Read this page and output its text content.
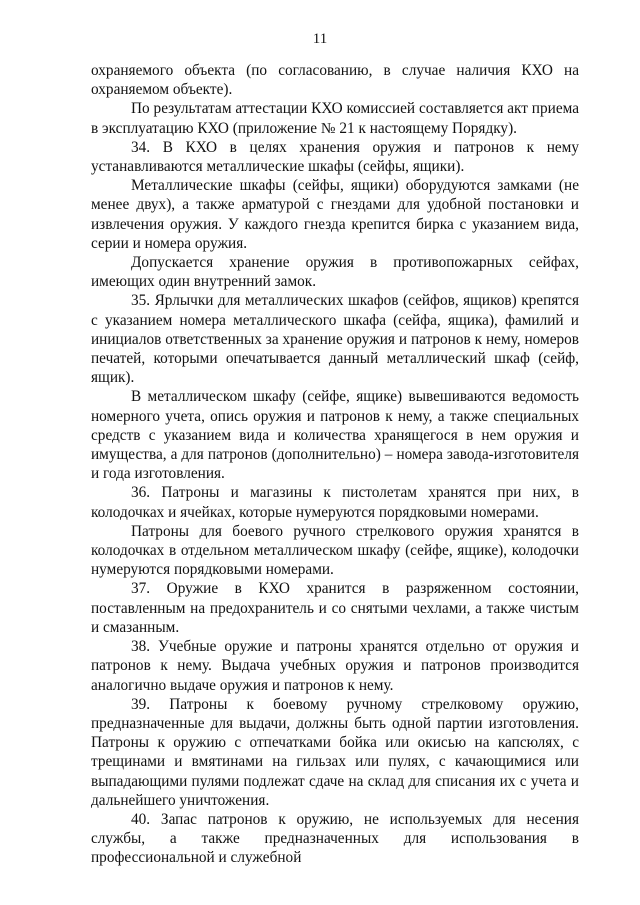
11

охраняемого объекта (по согласованию, в случае наличия КХО на охраняемом объекте).

По результатам аттестации КХО комиссией составляется акт приема в эксплуатацию КХО (приложение № 21 к настоящему Порядку).

34. В КХО в целях хранения оружия и патронов к нему устанавливаются металлические шкафы (сейфы, ящики).

Металлические шкафы (сейфы, ящики) оборудуются замками (не менее двух), а также арматурой с гнездами для удобной постановки и извлечения оружия. У каждого гнезда крепится бирка с указанием вида, серии и номера оружия.

Допускается хранение оружия в противопожарных сейфах, имеющих один внутренний замок.

35. Ярлычки для металлических шкафов (сейфов, ящиков) крепятся с указанием номера металлического шкафа (сейфа, ящика), фамилий и инициалов ответственных за хранение оружия и патронов к нему, номеров печатей, которыми опечатывается данный металлический шкаф (сейф, ящик).

В металлическом шкафу (сейфе, ящике) вывешиваются ведомость номерного учета, опись оружия и патронов к нему, а также специальных средств с указанием вида и количества хранящегося в нем оружия и имущества, а для патронов (дополнительно) – номера завода-изготовителя и года изготовления.

36. Патроны и магазины к пистолетам хранятся при них, в колодочках и ячейках, которые нумеруются порядковыми номерами.

Патроны для боевого ручного стрелкового оружия хранятся в колодочках в отдельном металлическом шкафу (сейфе, ящике), колодочки нумеруются порядковыми номерами.

37. Оружие в КХО хранится в разряженном состоянии, поставленным на предохранитель и со снятыми чехлами, а также чистым и смазанным.

38. Учебные оружие и патроны хранятся отдельно от оружия и патронов к нему. Выдача учебных оружия и патронов производится аналогично выдаче оружия и патронов к нему.

39. Патроны к боевому ручному стрелковому оружию, предназначенные для выдачи, должны быть одной партии изготовления. Патроны к оружию с отпечатками бойка или окисью на капсюлях, с трещинами и вмятинами на гильзах или пулях, с качающимися или выпадающими пулями подлежат сдаче на склад для списания их с учета и дальнейшего уничтожения.

40. Запас патронов к оружию, не используемых для несения службы, а также предназначенных для использования в профессиональной и служебной
